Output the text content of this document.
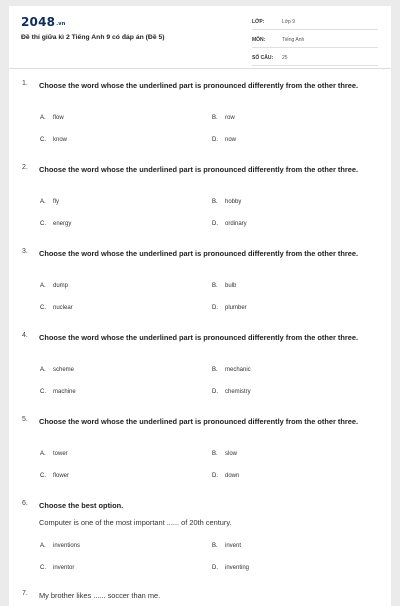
$2048^{.vn}$
Đề thi giữa kì 2 Tiếng Anh 9 có đáp án (Đề 5)
LỚP:	Lớp 9
MÔN:	Tiếng Anh
SỐ CÂU:	25
1. Choose the word whose the underlined part is pronounced differently from the other three.
A. flow	B. row
C. know	D. now
2. Choose the word whose the underlined part is pronounced differently from the other three.
A. fly	B. hobby
C. energy	D. ordinary
3. Choose the word whose the underlined part is pronounced differently from the other three.
A. dump	B. bulb
C. nuclear	D. plumber
4. Choose the word whose the underlined part is pronounced differently from the other three.
A. scheme	B. mechanic
C. machine	D. chemistry
5. Choose the word whose the underlined part is pronounced differently from the other three.
A. tower	B. slow
C. flower	D. down
6. Choose the best option.
Computer is one of the most important ...... of 20th century.
A. inventions	B. invent
C. inventor	D. inventing
7. My brother likes ...... soccer than me.
